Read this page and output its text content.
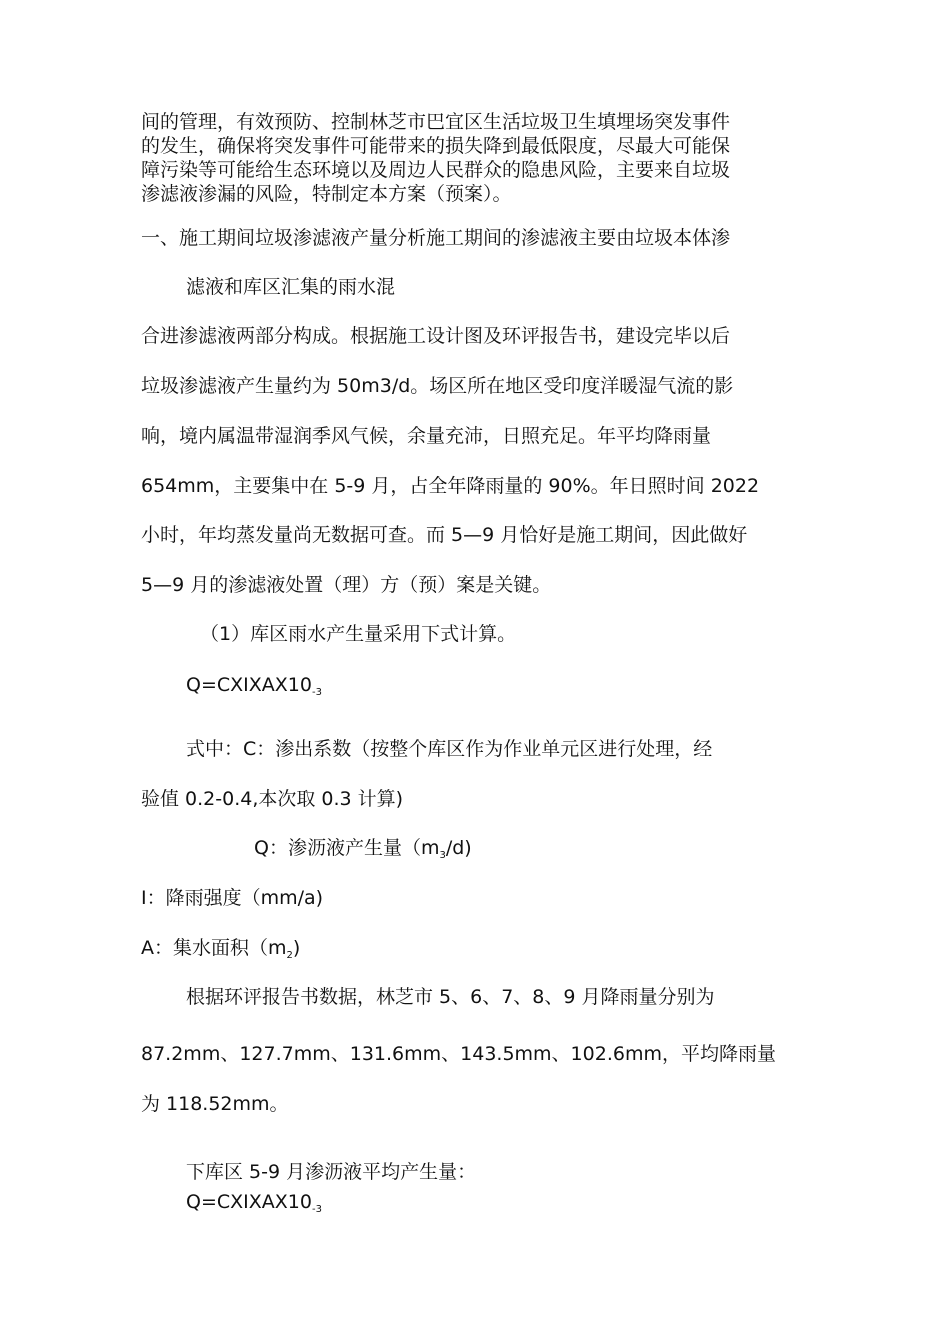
间的管理，有效预防、控制林芝市巴宜区生活垃圾卫生填埋场突发事件
的发生，确保将突发事件可能带来的损失降到最低限度，尽最大可能保
障污染等可能给生态环境以及周边人民群众的隐患风险，主要来自垃圾
渗滤液渗漏的风险，特制定本方案（预案）。
一、施工期间垃圾渗滤液产量分析施工期间的渗滤液主要由垃圾本体渗
滤液和库区汇集的雨水混
合进渗滤液两部分构成。根据施工设计图及环评报告书，建设完毕以后
垃圾渗滤液产生量约为 50m3/d。场区所在地区受印度洋暖湿气流的影
响，境内属温带湿润季风气候，余量充沛，日照充足。年平均降雨量
654mm，主要集中在 5-9 月，占全年降雨量的 90%。年日照时间 2022
小时，年均蒸发量尚无数据可查。而 5—9 月恰好是施工期间，因此做好
5—9 月的渗滤液处置（理）方（预）案是关键。
（1）库区雨水产生量采用下式计算。
$Q=CXIXAX10_{-3}$
式中：C：渗出系数（按整个库区作为作业单元区进行处理，经
验值 0.2-0.4,本次取 0.3 计算)
Q：渗沥液产生量$(m_3/d)$
I：降雨强度（mm/a)
A：集水面积$(m_2)$
根据环评报告书数据，林芝市 5、6、7、8、9 月降雨量分别为
87.2mm、127.7mm、131.6mm、143.5mm、102.6mm，平均降雨量
为 118.52mm。
下库区 5-9 月渗沥液平均产生量：
$Q=CXIXAX10_{-3}$
